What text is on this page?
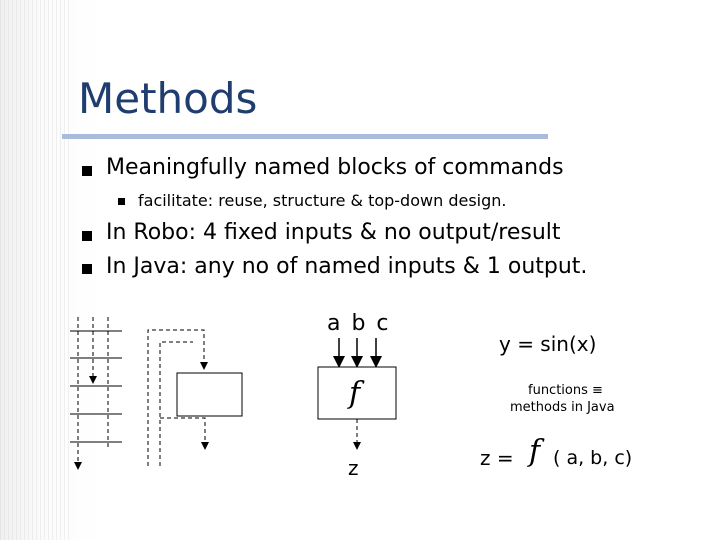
Methods
Meaningfully named blocks of commands
facilitate: reuse, structure & top-down design.
In Robo: 4 fixed inputs & no output/result
In Java: any no of named inputs & 1 output.
a b c
f
z
y = sin(x)
functions ≡
methods in Java
z = f ( a, b, c)
